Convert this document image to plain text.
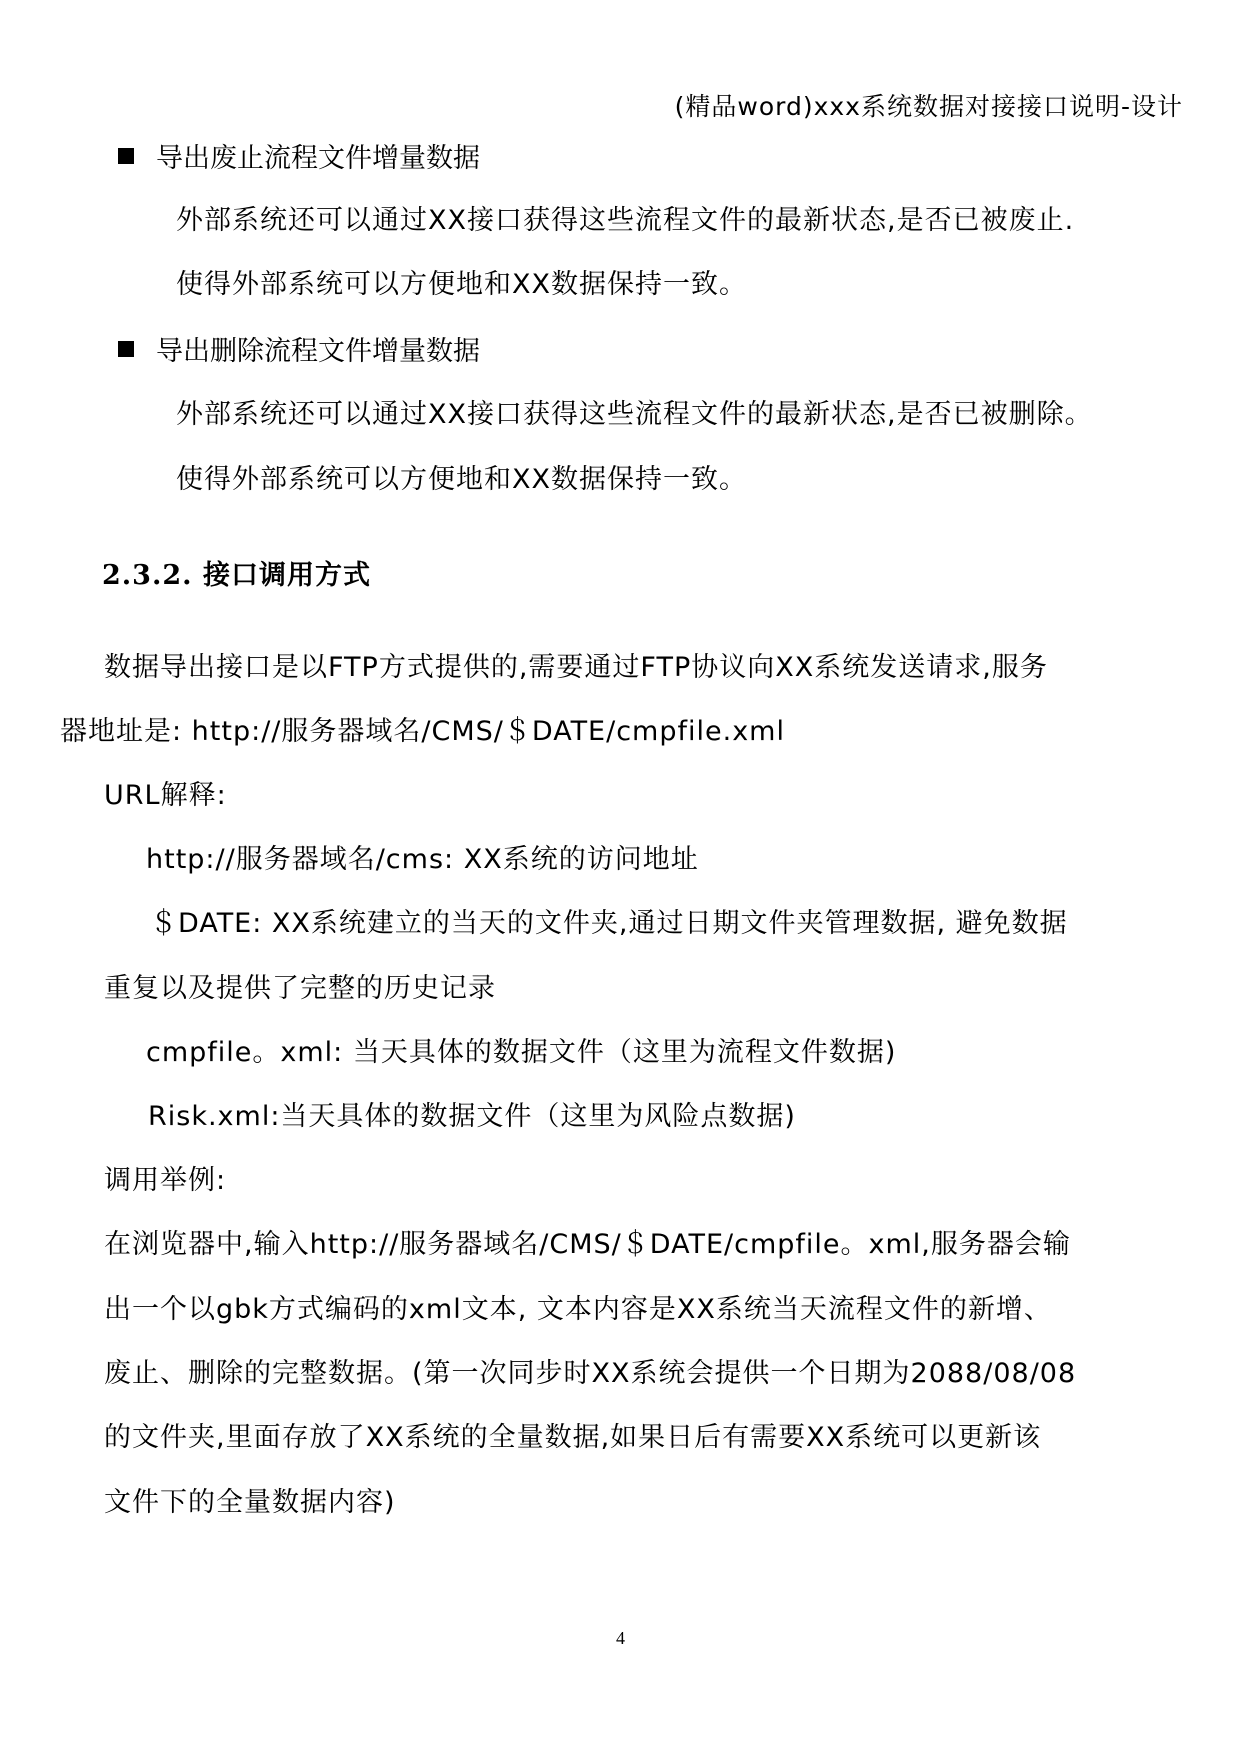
(精品word)xxx系统数据对接接口说明-设计
导出废止流程文件增量数据
外部系统还可以通过XX接口获得这些流程文件的最新状态,是否已被废止.
使得外部系统可以方便地和XX数据保持一致。
导出删除流程文件增量数据
外部系统还可以通过XX接口获得这些流程文件的最新状态,是否已被删除。
使得外部系统可以方便地和XX数据保持一致。
2.3.2. 接口调用方式
数据导出接口是以FTP方式提供的,需要通过FTP协议向XX系统发送请求,服务
器地址是: http://服务器域名/CMS/＄DATE/cmpfile.xml
URL解释:
http://服务器域名/cms: XX系统的访问地址
＄DATE: XX系统建立的当天的文件夹,通过日期文件夹管理数据, 避免数据
重复以及提供了完整的历史记录
cmpfile。xml: 当天具体的数据文件（这里为流程文件数据)
Risk.xml:当天具体的数据文件（这里为风险点数据)
调用举例:
在浏览器中,输入http://服务器域名/CMS/＄DATE/cmpfile。xml,服务器会输
出一个以gbk方式编码的xml文本, 文本内容是XX系统当天流程文件的新增、
废止、删除的完整数据。(第一次同步时XX系统会提供一个日期为2088/08/08
的文件夹,里面存放了XX系统的全量数据,如果日后有需要XX系统可以更新该
文件下的全量数据内容)
4
